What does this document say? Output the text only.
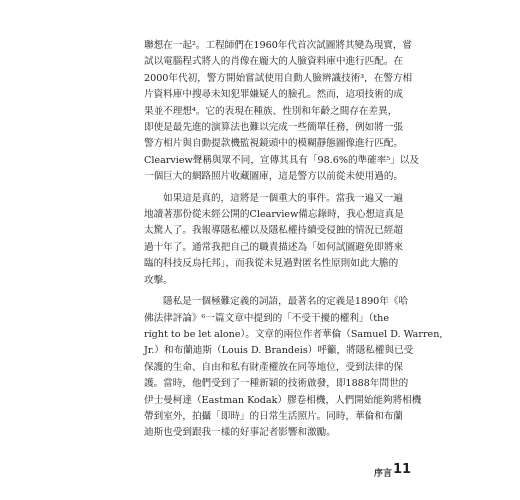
聯想在一起²。工程師們在1960年代首次試圖將其變為現實，嘗
試以電腦程式將人的肖像在龐大的人臉資料庫中進行匹配。在
2000年代初，警方開始嘗試使用自動人臉辨識技術³，在警方相
片資料庫中搜尋未知犯罪嫌疑人的臉孔。然而，這項技術的成
果並不理想⁴。它的表現在種族、性別和年齡之間存在差異，
即使是最先進的演算法也難以完成一些簡單任務，例如將一張
警方相片與自動提款機監視鏡頭中的模糊靜態圖像進行匹配。
Clearview聲稱與眾不同，宣傳其具有「98.6%的準確率⁵」以及
一個巨大的網路照片收藏圖庫，這是警方以前從未使用過的。
如果這是真的，這將是一個重大的事件。當我一遍又一遍
地讀著那份從未經公開的Clearview備忘錄時，我心想這真是
太驚人了。我報導隱私權以及隱私權持續受侵蝕的情況已經超
過十年了。通常我把自己的職責描述為「如何試圖避免即將來
臨的科技反烏托邦」，而我從未見過對匿名性原則如此大膽的
攻擊。
隱私是一個極難定義的詞語，最著名的定義是1890年《哈
佛法律評論》⁶一篇文章中提到的「不受干擾的權利」（the
right to be let alone）。文章的兩位作者華倫（Samuel D. Warren,
Jr.）和布蘭迪斯（Louis D. Brandeis）呼籲，將隱私權與已受
保護的生命、自由和私有財產權放在同等地位，受到法律的保
護。當時，他們受到了一種新穎的技術啟發，即1888年問世的
伊士曼柯達（Eastman Kodak）膠卷相機，人們開始能夠將相機
帶到室外，拍攝「即時」的日常生活照片。同時，華倫和布蘭
迪斯也受到跟我一樣的好事記者影響和激勵。
序言 11
